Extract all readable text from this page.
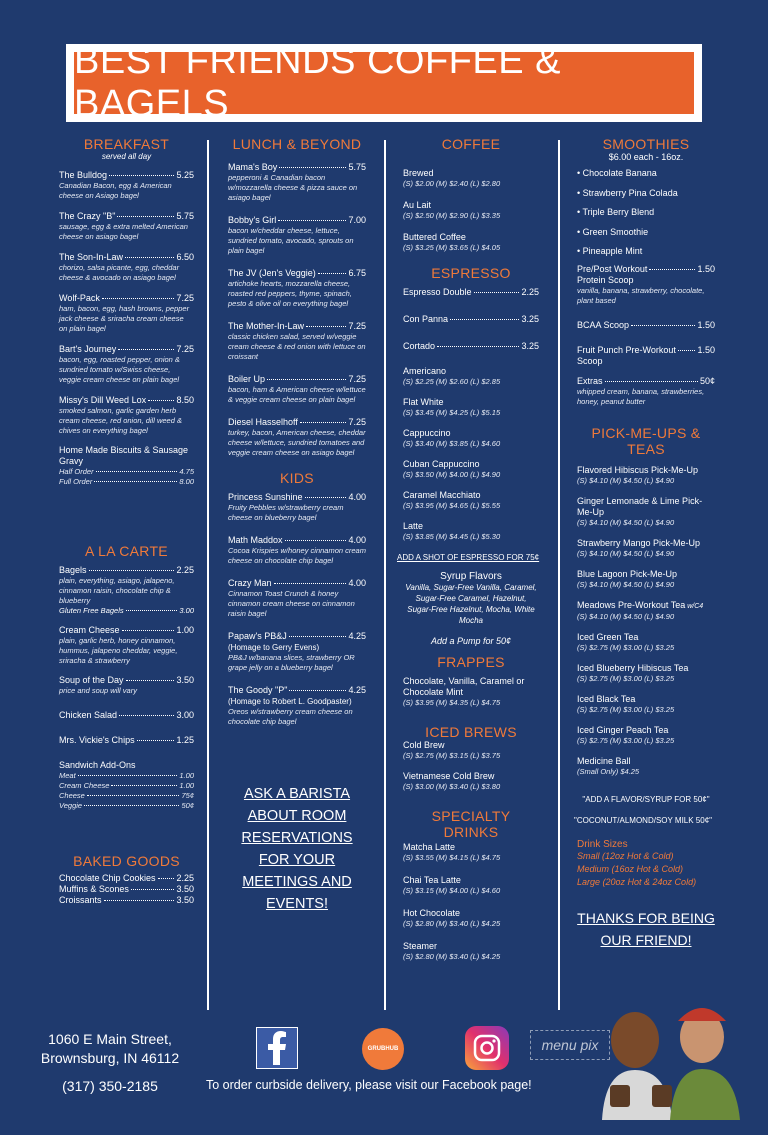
BEST FRIENDS COFFEE & BAGELS
BREAKFAST
served all day
The Bulldog	5.25
Canadian Bacon, egg & American cheese on Asiago bagel
The Crazy "B"	5.75
sausage, egg & extra melted American cheese on asiago bagel
The Son-In-Law	6.50
chorizo, salsa picante, egg, cheddar cheese & avocado on asiago bagel
Wolf-Pack	7.25
ham, bacon, egg, hash browns, pepper jack cheese & sriracha cream cheese on plain bagel
Bart's Journey	7.25
bacon, egg, roasted pepper, onion & sundried tomato w/Swiss cheese, veggie cream cheese on plain bagel
Missy's Dill Weed Lox	8.50
smoked salmon, garlic garden herb cream cheese, red onion, dill weed & chives on everything bagel
Home Made Biscuits & Sausage Gravy
Half Order	4.75
Full Order	8.00
A LA CARTE
Bagels	2.25
plain, everything, asiago, jalapeno, cinnamon raisin, chocolate chip & blueberry
Gluten Free Bagels	3.00
Cream Cheese	1.00
plain, garlic herb, honey cinnamon, hummus, jalapeno cheddar, veggie, sriracha & strawberry
Soup of the Day	3.50
price and soup will vary
Chicken Salad	3.00
Mrs. Vickie's Chips	1.25
Sandwich Add-Ons
Meat	1.00
Cream Cheese	1.00
Cheese	75¢
Veggie	50¢
BAKED GOODS
Chocolate Chip Cookies 2.25
Muffins & Scones	3.50
Croissants	3.50
LUNCH & BEYOND
Mama's Boy	5.75
pepperoni & Canadian bacon w/mozzarella cheese & pizza sauce on asiago bagel
Bobby's Girl	7.00
bacon w/cheddar cheese, lettuce, sundried tomato, avocado, sprouts on plain bagel
The JV (Jen's Veggie)	6.75
artichoke hearts, mozzarella cheese, roasted red peppers, thyme, spinach, pesto & olive oil on everything bagel
The Mother-In-Law	7.25
classic chicken salad, served w/veggie cream cheese & red onion with lettuce on croissant
Boiler Up	7.25
bacon, ham & American cheese w/lettuce & veggie cream cheese on plain bagel
Diesel Hasselhoff	7.25
turkey, bacon, American cheese, cheddar cheese w/lettuce, sundried tomatoes and veggie cream cheese on asiago bagel
KIDS
Princess Sunshine	4.00
Fruity Pebbles w/strawberry cream cheese on blueberry bagel
Math Maddox	4.00
Cocoa Krispies w/honey cinnamon cream cheese on chocolate chip bagel
Crazy Man	4.00
Cinnamon Toast Crunch & honey cinnamon cream cheese on cinnamon raisin bagel
Papaw's PB&J	4.25
(Homage to Gerry Evens)
PB&J w/banana slices, strawberry OR grape jelly on a blueberry bagel
The Goody "P"	4.25
(Homage to Robert L. Goodpaster)
Oreos w/strawberry cream cheese on chocolate chip bagel
ASK A BARISTA
ABOUT ROOM
RESERVATIONS
FOR YOUR
MEETINGS AND
EVENTS!
COFFEE
Brewed
(S) $2.00 (M) $2.40 (L) $2.80
Au Lait
(S) $2.50 (M) $2.90 (L) $3.35
Buttered Coffee
(S) $3.25 (M) $3.65 (L) $4.05
ESPRESSO
Espresso Double	2.25
Con Panna	3.25
Cortado	3.25
Americano
(S) $2.25 (M) $2.60 (L) $2.85
Flat White
(S) $3.45 (M) $4.25 (L) $5.15
Cappuccino
(S) $3.40 (M) $3.85 (L) $4.60
Cuban Cappuccino
(S) $3.50 (M) $4.00 (L) $4.90
Caramel Macchiato
(S) $3.95 (M) $4.65 (L) $5.55
Latte
(S) $3.85 (M) $4.45 (L) $5.30
ADD A SHOT OF ESPRESSO FOR 75¢
Syrup Flavors
Vanilla, Sugar-Free Vanilla, Caramel, Sugar-Free Caramel, Hazelnut, Sugar-Free Hazelnut, Mocha, White Mocha
Add a Pump for 50¢
FRAPPES
Chocolate, Vanilla, Caramel or Chocolate Mint
(S) $3.95 (M) $4.35 (L) $4.75
ICED BREWS
Cold Brew
(S) $2.75 (M) $3.15 (L) $3.75
Vietnamese Cold Brew
(S) $3.00 (M) $3.40 (L) $3.80
SPECIALTY DRINKS
Matcha Latte
(S) $3.55 (M) $4.15 (L) $4.75
Chai Tea Latte
(S) $3.15 (M) $4.00 (L) $4.60
Hot Chocolate
(S) $2.80 (M) $3.40 (L) $4.25
Steamer
(S) $2.80 (M) $3.40 (L) $4.25
SMOOTHIES
$6.00 each - 16oz.
• Chocolate Banana
• Strawberry Pina Colada
• Triple Berry Blend
• Green Smoothie
• Pineapple Mint
Pre/Post Workout	1.50
Protein Scoop
vanilla, banana, strawberry, chocolate, plant based
BCAA Scoop	1.50
Fruit Punch Pre-Workout 1.50
Scoop
Extras	50¢
whipped cream, banana, strawberries, honey, peanut butter
PICK-ME-UPS & TEAS
Flavored Hibiscus Pick-Me-Up
(S) $4.10 (M) $4.50 (L) $4.90
Ginger Lemonade & Lime Pick-Me-Up
(S) $4.10 (M) $4.50 (L) $4.90
Strawberry Mango Pick-Me-Up
(S) $4.10 (M) $4.50 (L) $4.90
Blue Lagoon Pick-Me-Up
(S) $4.10 (M) $4.50 (L) $4.90
Meadows Pre-Workout Tea w/C4
(S) $4.10 (M) $4.50 (L) $4.90
Iced Green Tea
(S) $2.75 (M) $3.00 (L) $3.25
Iced Blueberry Hibiscus Tea
(S) $2.75 (M) $3.00 (L) $3.25
Iced Black Tea
(S) $2.75 (M) $3.00 (L) $3.25
Iced Ginger Peach Tea
(S) $2.75 (M) $3.00 (L) $3.25
Medicine Ball
(Small Only) $4.25
"ADD A FLAVOR/SYRUP FOR 50¢"
"COCONUT/ALMOND/SOY MILK 50¢"
Drink Sizes
Small (12oz Hot & Cold)
Medium (16oz Hot & Cold)
Large (20oz Hot & 24oz Cold)
THANKS FOR BEING
OUR FRIEND!
1060 E Main Street,
Brownsburg, IN 46112
(317) 350-2185
GRUBHUB	menu pix
To order curbside delivery, please visit our Facebook page!
